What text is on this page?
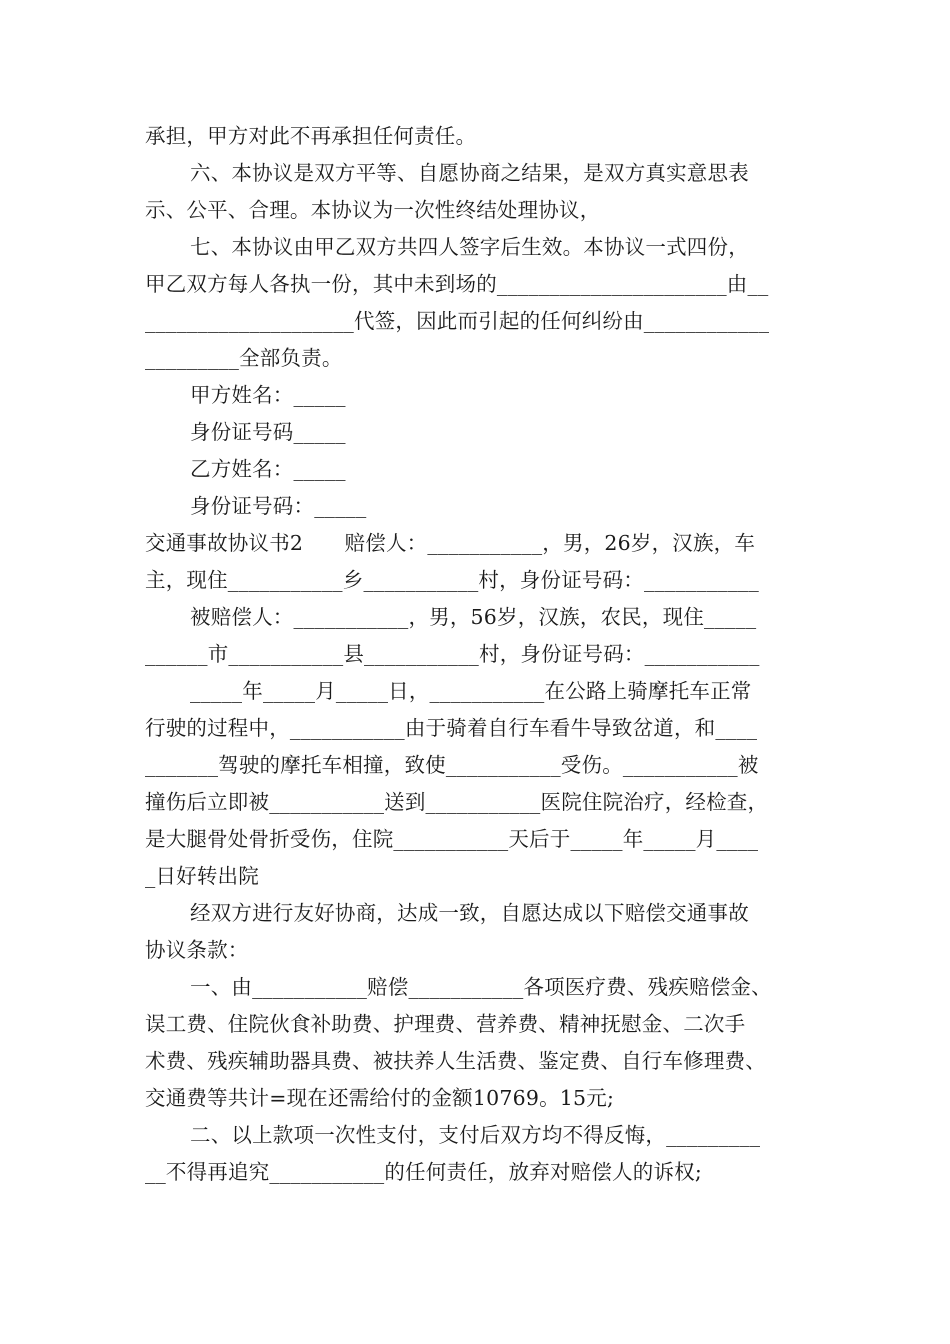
承担，甲方对此不再承担任何责任。
六、本协议是双方平等、自愿协商之结果，是双方真实意思表
示、公平、合理。本协议为一次性终结处理协议，
七、本协议由甲乙双方共四人签字后生效。本协议一式四份，
甲乙双方每人各执一份，其中未到场的______________________由__
____________________代签，因此而引起的任何纠纷由____________
_________全部负责。
甲方姓名：_____
身份证号码_____
乙方姓名：_____
身份证号码：_____
交通事故协议书2　　赔偿人：___________，男，26岁，汉族，车
主，现住___________乡___________村，身份证号码：___________
被赔偿人：___________，男，56岁，汉族，农民，现住_____
______市___________县___________村，身份证号码：___________
_____年_____月_____日，___________在公路上骑摩托车正常
行驶的过程中，___________由于骑着自行车看牛导致岔道，和____
_______驾驶的摩托车相撞，致使___________受伤。___________被
撞伤后立即被___________送到___________医院住院治疗，经检查，
是大腿骨处骨折受伤，住院___________天后于_____年_____月____
_日好转出院
经双方进行友好协商，达成一致，自愿达成以下赔偿交通事故
协议条款：
一、由___________赔偿___________各项医疗费、残疾赔偿金、
误工费、住院伙食补助费、护理费、营养费、精神抚慰金、二次手
术费、残疾辅助器具费、被扶养人生活费、鉴定费、自行车修理费、
交通费等共计=现在还需给付的金额10769。15元;
二、以上款项一次性支付，支付后双方均不得反悔，_________
__不得再追究___________的任何责任，放弃对赔偿人的诉权;
